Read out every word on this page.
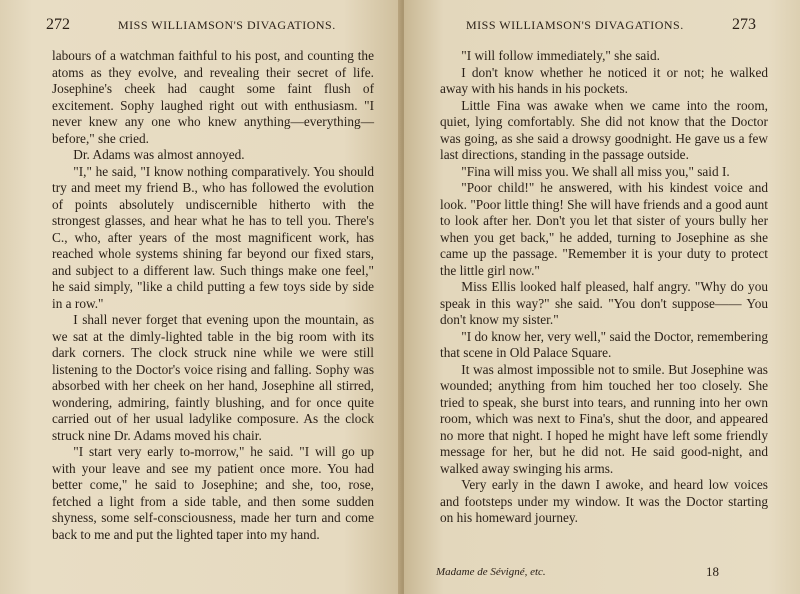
272	MISS WILLIAMSON'S DIVAGATIONS.

labours of a watchman faithful to his post, and counting the atoms as they evolve, and revealing their secret of life. Josephine's cheek had caught some faint flush of excitement. Sophy laughed right out with enthusiasm. "I never knew any one who knew anything—everything—before," she cried.

Dr. Adams was almost annoyed.

"I," he said, "I know nothing comparatively. You should try and meet my friend B., who has followed the evolution of points absolutely undiscernible hitherto with the strongest glasses, and hear what he has to tell you. There's C., who, after years of the most magnificent work, has reached whole systems shining far beyond our fixed stars, and subject to a different law. Such things make one feel," he said simply, "like a child putting a few toys side by side in a row."

I shall never forget that evening upon the mountain, as we sat at the dimly-lighted table in the big room with its dark corners. The clock struck nine while we were still listening to the Doctor's voice rising and falling. Sophy was absorbed with her cheek on her hand, Josephine all stirred, wondering, admiring, faintly blushing, and for once quite carried out of her usual ladylike composure. As the clock struck nine Dr. Adams moved his chair.

"I start very early to-morrow," he said. "I will go up with your leave and see my patient once more. You had better come," he said to Josephine; and she, too, rose, fetched a light from a side table, and then some sudden shyness, some self-consciousness, made her turn and come back to me and put the lighted taper into my hand.

MISS WILLIAMSON'S DIVAGATIONS.	273

"I will follow immediately," she said.

I don't know whether he noticed it or not; he walked away with his hands in his pockets.

Little Fina was awake when we came into the room, quiet, lying comfortably. She did not know that the Doctor was going, as she said a drowsy goodnight. He gave us a few last directions, standing in the passage outside.

"Fina will miss you. We shall all miss you," said I.

"Poor child!" he answered, with his kindest voice and look. "Poor little thing! She will have friends and a good aunt to look after her. Don't you let that sister of yours bully her when you get back," he added, turning to Josephine as she came up the passage. "Remember it is your duty to protect the little girl now."

Miss Ellis looked half pleased, half angry. "Why do you speak in this way?" she said. "You don't suppose—— You don't know my sister."

"I do know her, very well," said the Doctor, remembering that scene in Old Palace Square.

It was almost impossible not to smile. But Josephine was wounded; anything from him touched her too closely. She tried to speak, she burst into tears, and running into her own room, which was next to Fina's, shut the door, and appeared no more that night. I hoped he might have left some friendly message for her, but he did not. He said good-night, and walked away swinging his arms.

Very early in the dawn I awoke, and heard low voices and footsteps under my window. It was the Doctor starting on his homeward journey.

Madame de Sévigné, etc.	18
